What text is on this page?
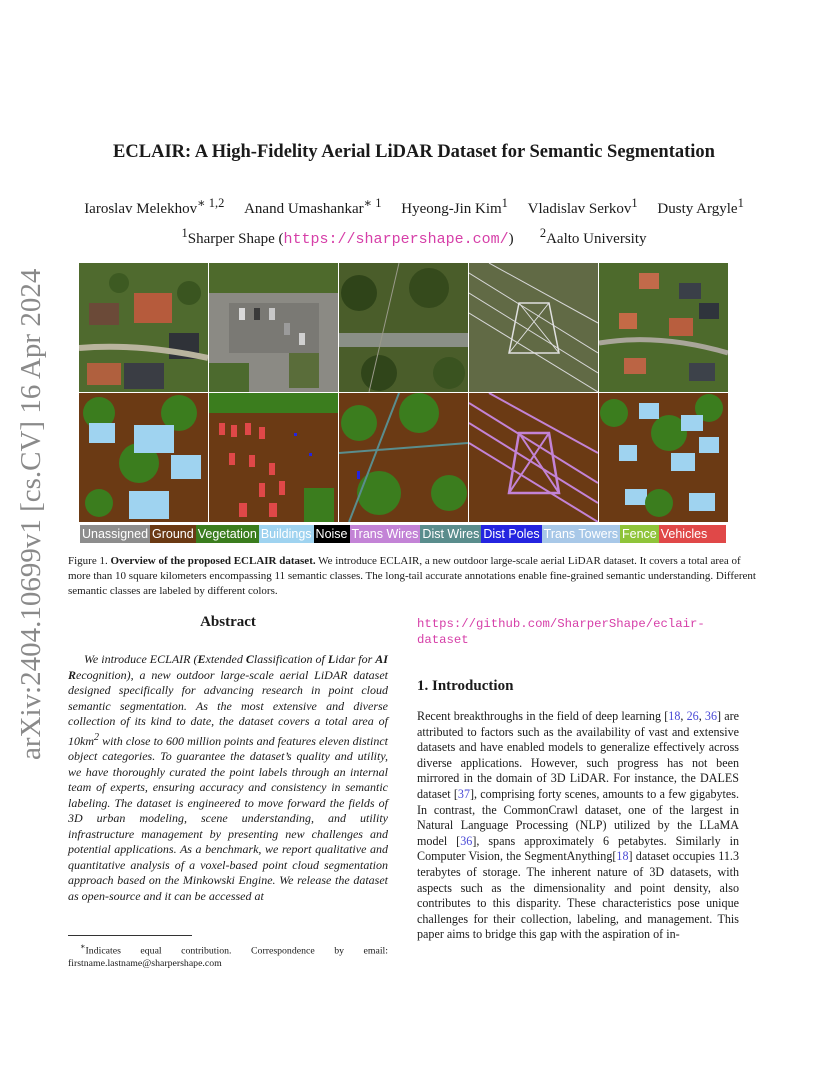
ECLAIR: A High-Fidelity Aerial LiDAR Dataset for Semantic Segmentation
Iaroslav Melekhov$^{∗ 1,2}$ Anand Umashankar$^{∗ 1}$ Hyeong-Jin Kim$^1$ Vladislav Serkov$^1$ Dusty Argyle$^1$
$^1$Sharper Shape (https://sharpershape.com/) $^2$Aalto University
arXiv:2404.10699v1 [cs.CV] 16 Apr 2024	Unassigned Ground Vegetation Buildings Noise Trans Wires Dist Wires Dist Poles Trans Towers Fence Vehicles
Figure 1. Overview of the proposed ECLAIR dataset. We introduce ECLAIR, a new outdoor large-scale aerial LiDAR dataset. It covers a total area of more than 10 square kilometers encompassing 11 semantic classes. The long-tail accurate annotations enable fine-grained semantic understanding. Different semantic classes are labeled by different colors.
Abstract
We introduce ECLAIR (Extended Classification of Lidar for AI Recognition), a new outdoor large-scale aerial LiDAR dataset designed specifically for advancing research in point cloud semantic segmentation. As the most extensive and diverse collection of its kind to date, the dataset covers a total area of $10km^2$ with close to 600 million points and features eleven distinct object categories. To guarantee the dataset’s quality and utility, we have thoroughly curated the point labels through an internal team of experts, ensuring accuracy and consistency in semantic labeling. The dataset is engineered to move forward the fields of 3D urban modeling, scene understanding, and utility infrastructure management by presenting new challenges and potential applications. As a benchmark, we report qualitative and quantitative analysis of a voxel-based point cloud segmentation approach based on the Minkowski Engine. We release the dataset as open-source and it can be accessed at
∗Indicates equal contribution. Correspondence by email: firstname.lastname@sharpershape.com
https://github.com/SharperShape/eclair-dataset
1. Introduction
Recent breakthroughs in the field of deep learning [18, 26, 36] are attributed to factors such as the availability of vast and extensive datasets and have enabled models to generalize effectively across diverse applications. However, such progress has not been mirrored in the domain of 3D LiDAR. For instance, the DALES dataset [37], comprising forty scenes, amounts to a few gigabytes. In contrast, the CommonCrawl dataset, one of the largest in Natural Language Processing (NLP) utilized by the LLaMA model [36], spans approximately 6 petabytes. Similarly in Computer Vision, the SegmentAnything[18] dataset occupies 11.3 terabytes of storage. The inherent nature of 3D datasets, with aspects such as the dimensionality and point density, also contributes to this disparity. These characteristics pose unique challenges for their collection, labeling, and management. This paper aims to bridge this gap with the aspiration of in-
